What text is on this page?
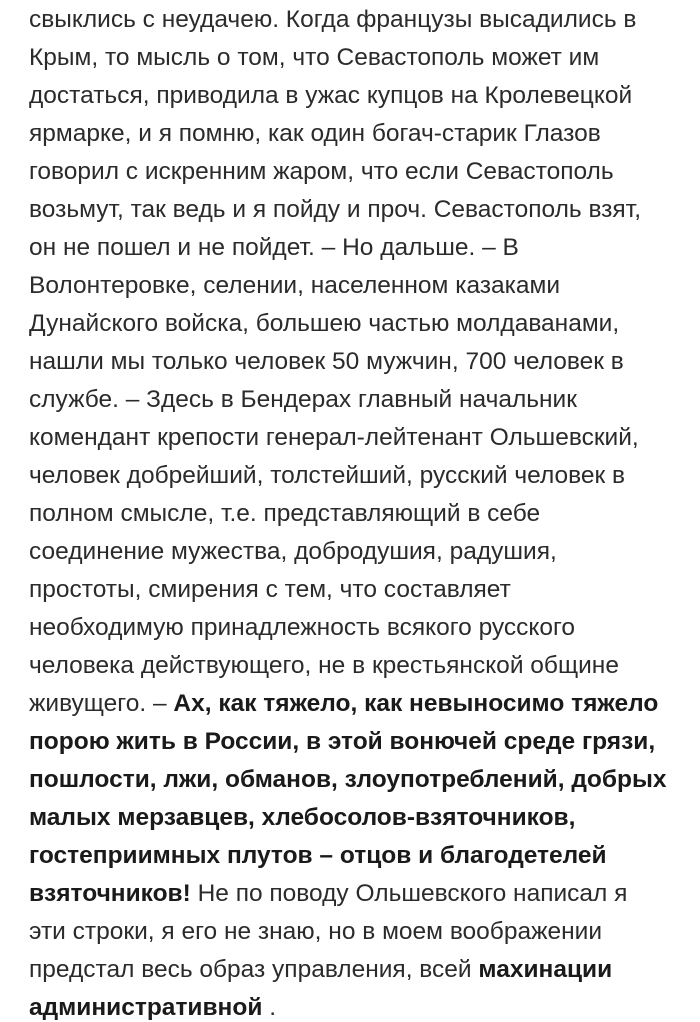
свыклись с неудачею. Когда французы высадились в
Крым, то мысль о том, что Севастополь может им
достаться, приводила в ужас купцов на Кролевецкой
ярмарке, и я помню, как один богач-старик Глазов
говорил с искренним жаром, что если Севастополь
возьмут, так ведь и я пойду и проч. Севастополь взят,
он не пошел и не пойдет. – Но дальше. – В
Волонтеровке, селении, населенном казаками
Дунайского войска, большею частью молдаванами,
нашли мы только человек 50 мужчин, 700 человек в
службе. – Здесь в Бендерах главный начальник
комендант крепости генерал-лейтенант Ольшевский,
человек добрейший, толстейший, русский человек в
полном смысле, т.е. представляющий в себе
соединение мужества, добродушия, радушия,
простоты, смирения с тем, что составляет
необходимую принадлежность всякого русского
человека действующего, не в крестьянской общине
живущего. – Ах, как тяжело, как невыносимо тяжело
порою жить в России, в этой вонючей среде грязи,
пошлости, лжи, обманов, злоупотреблений, добрых
малых мерзавцев, хлебосолов-взяточников,
гостеприимных плутов – отцов и благодетелей
взяточников! Не по поводу Ольшевского написал я
эти строки, я его не знаю, но в моем воображении
предстал весь образ управления, всей махинации
административной .
